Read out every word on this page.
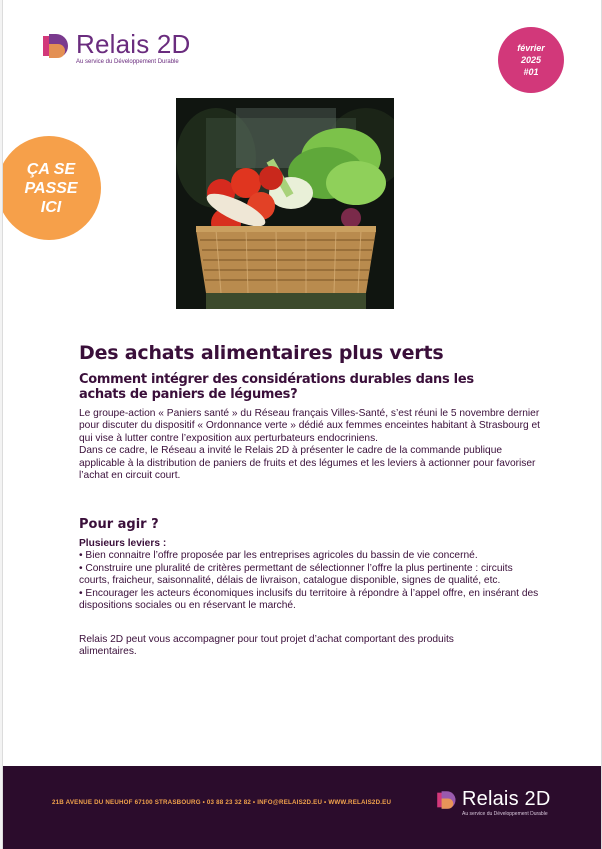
Relais 2D
Au service du Développement Durable
février
2025
#01
ÇA SE
PASSE
ICI
Des achats alimentaires plus verts
Comment intégrer des considérations durables dans les achats de paniers de légumes?

Le groupe-action « Paniers santé » du Réseau français Villes-Santé, s’est réuni le 5 novembre dernier pour discuter du dispositif « Ordonnance verte » dédié aux femmes enceintes habitant à Strasbourg et qui vise à lutter contre l’exposition aux perturbateurs endocriniens.

Dans ce cadre, le Réseau a invité le Relais 2D à présenter le cadre de la commande publique applicable à la distribution de paniers de fruits et des légumes et les leviers à actionner pour favoriser l’achat en circuit court.

Pour agir ?
Plusieurs leviers :
• Bien connaitre l’offre proposée par les entreprises agricoles du bassin de vie concerné.
• Construire une pluralité de critères permettant de sélectionner l’offre la plus pertinente : circuits courts, fraicheur, saisonnalité, délais de livraison, catalogue disponible, signes de qualité, etc.
• Encourager les acteurs économiques inclusifs du territoire à répondre à l’appel offre, en insérant des dispositions sociales ou en réservant le marché.

Relais 2D peut vous accompagner pour tout projet d’achat comportant des produits alimentaires.

21B AVENUE DU NEUHOF 67100 STRASBOURG • 03 88 23 32 82 • INFO@RELAIS2D.EU • WWW.RELAIS2D.EU	Relais 2D
Au service du Développement Durable
